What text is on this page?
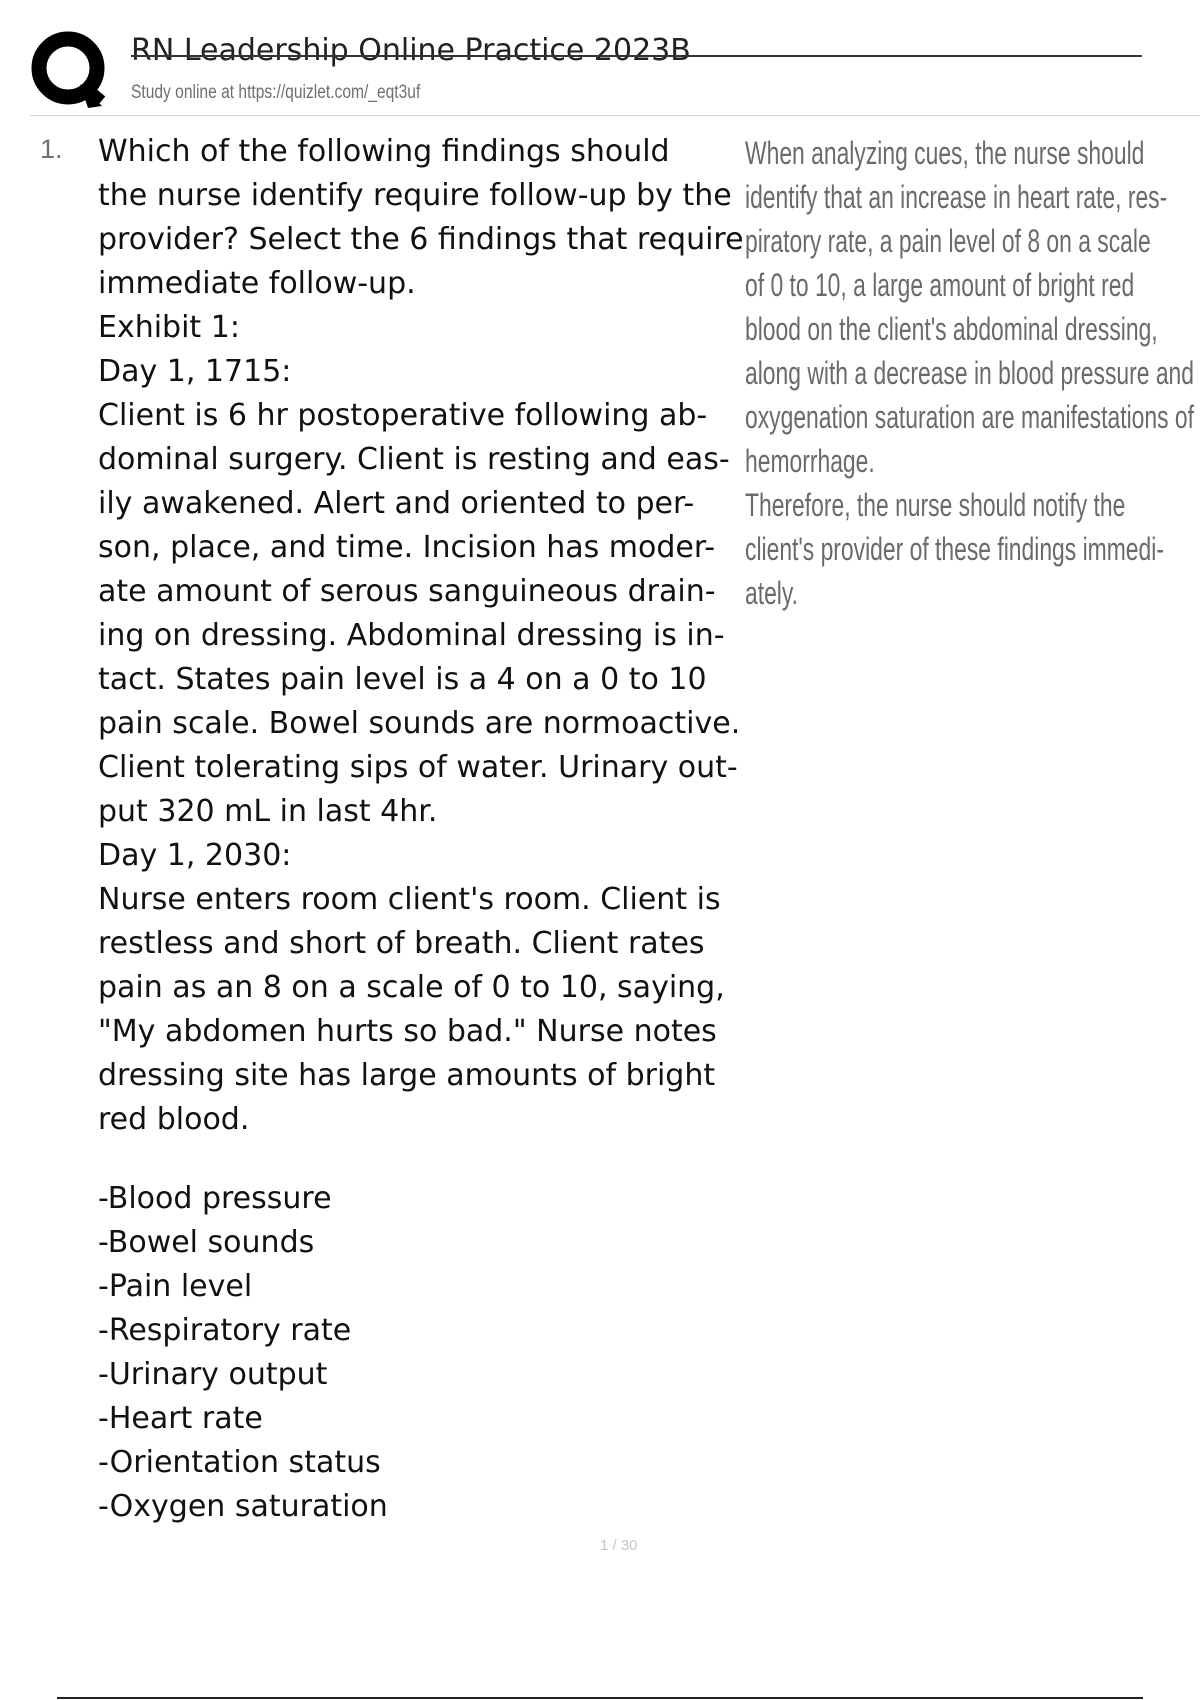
RN Leadership Online Practice 2023B
Study online at https://quizlet.com/_eqt3uf
1. Which of the following findings should
the nurse identify require follow-up by the
provider? Select the 6 findings that require
immediate follow-up.
Exhibit 1:
Day 1, 1715:
Client is 6 hr postoperative following ab-
dominal surgery. Client is resting and eas-
ily awakened. Alert and oriented to per-
son, place, and time. Incision has moder-
ate amount of serous sanguineous drain-
ing on dressing. Abdominal dressing is in-
tact. States pain level is a 4 on a 0 to 10
pain scale. Bowel sounds are normoactive.
Client tolerating sips of water. Urinary out-
put 320 mL in last 4hr.
Day 1, 2030:
Nurse enters room client's room. Client is
restless and short of breath. Client rates
pain as an 8 on a scale of 0 to 10, saying,
"My abdomen hurts so bad." Nurse notes
dressing site has large amounts of bright
red blood.
-Blood pressure
-Bowel sounds
-Pain level
-Respiratory rate
-Urinary output
-Heart rate
-Orientation status
-Oxygen saturation
When analyzing cues, the nurse should
identify that an increase in heart rate, res-
piratory rate, a pain level of 8 on a scale
of 0 to 10, a large amount of bright red
blood on the client's abdominal dressing,
along with a decrease in blood pressure and
oxygenation saturation are manifestations of
hemorrhage.
Therefore, the nurse should notify the
client's provider of these findings immedi-
ately.
1 / 30
